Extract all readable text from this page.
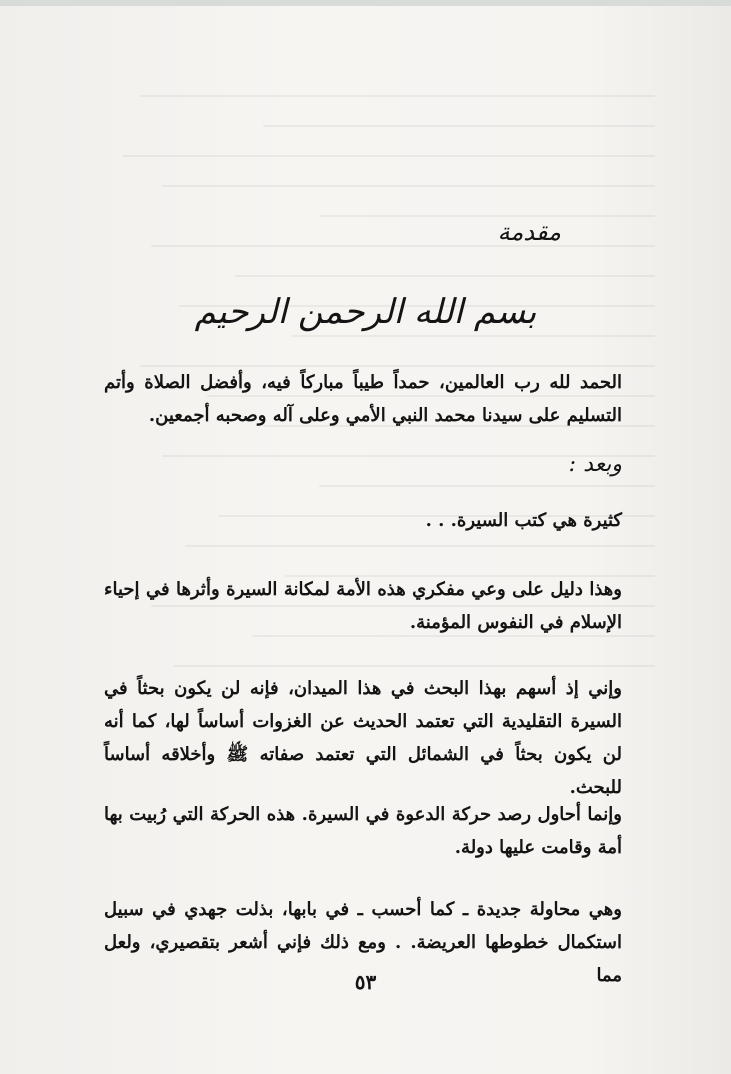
مقدمة
بسم الله الرحمن الرحيم

الحمد لله رب العالمين، حمداً طيباً مباركاً فيه، وأفضل الصلاة وأتم التسليم على سيدنا محمد النبي الأمي وعلى آله وصحبه أجمعين.

وبعد :

كثيرة هي كتب السيرة. . .

وهذا دليل على وعي مفكري هذه الأمة لمكانة السيرة وأثرها في إحياء الإسلام في النفوس المؤمنة.

وإني إذ أسهم بهذا البحث في هذا الميدان، فإنه لن يكون بحثاً في السيرة التقليدية التي تعتمد الحديث عن الغزوات أساساً لها، كما أنه لن يكون بحثاً في الشمائل التي تعتمد صفاته ﷺ وأخلاقه أساساً للبحث.

وإنما أحاول رصد حركة الدعوة في السيرة. هذه الحركة التي رُبيت بها أمة وقامت عليها دولة.

وهي محاولة جديدة ـ كما أحسب ـ في بابها، بذلت جهدي في سبيل استكمال خطوطها العريضة. . ومع ذلك فإني أشعر بتقصيري، ولعل مما

٥٣
